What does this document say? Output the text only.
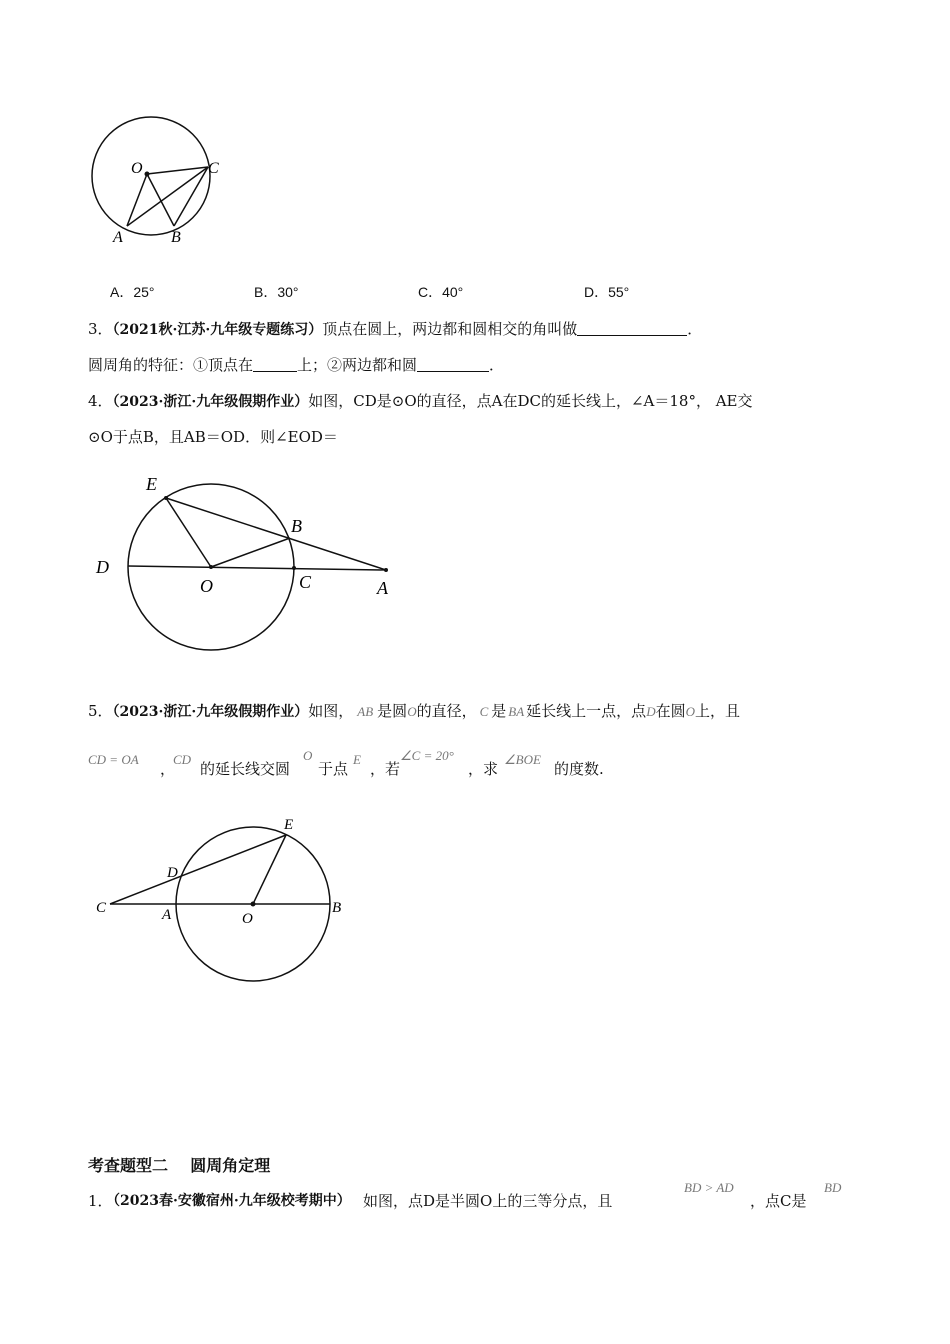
O	C
A	B
A．25°	B．30°	C．40°	D．55°
3．（2021秋·江苏·九年级专题练习）顶点在圆上，两边都和圆相交的角叫做	．
圆周角的特征：①顶点在	上；②两边都和圆	．
4．（2023·浙江·九年级假期作业）如图，CD是⊙O的直径，点A在DC的延长线上，∠A＝18°， AE交
⊙O于点B，且AB＝OD．则∠EOD＝
E
B
D
O	C	A
5．（2023·浙江·九年级假期作业）如图， AB 是圆O的直径， C 是 BA 延长线上一点，点D在圆O上，且
CD = OA
，
CD
的延长线交圆
O
于点
E
，若
∠C = 20°
，求
∠BOE
的度数.
E
D
C	A	O
B
考查题型二    圆周角定理
1．
（2023春·安徽宿州·九年级校考期中） 如图，点D是半圆O上的三等分点，且
BD > AD
，点C是
BD
